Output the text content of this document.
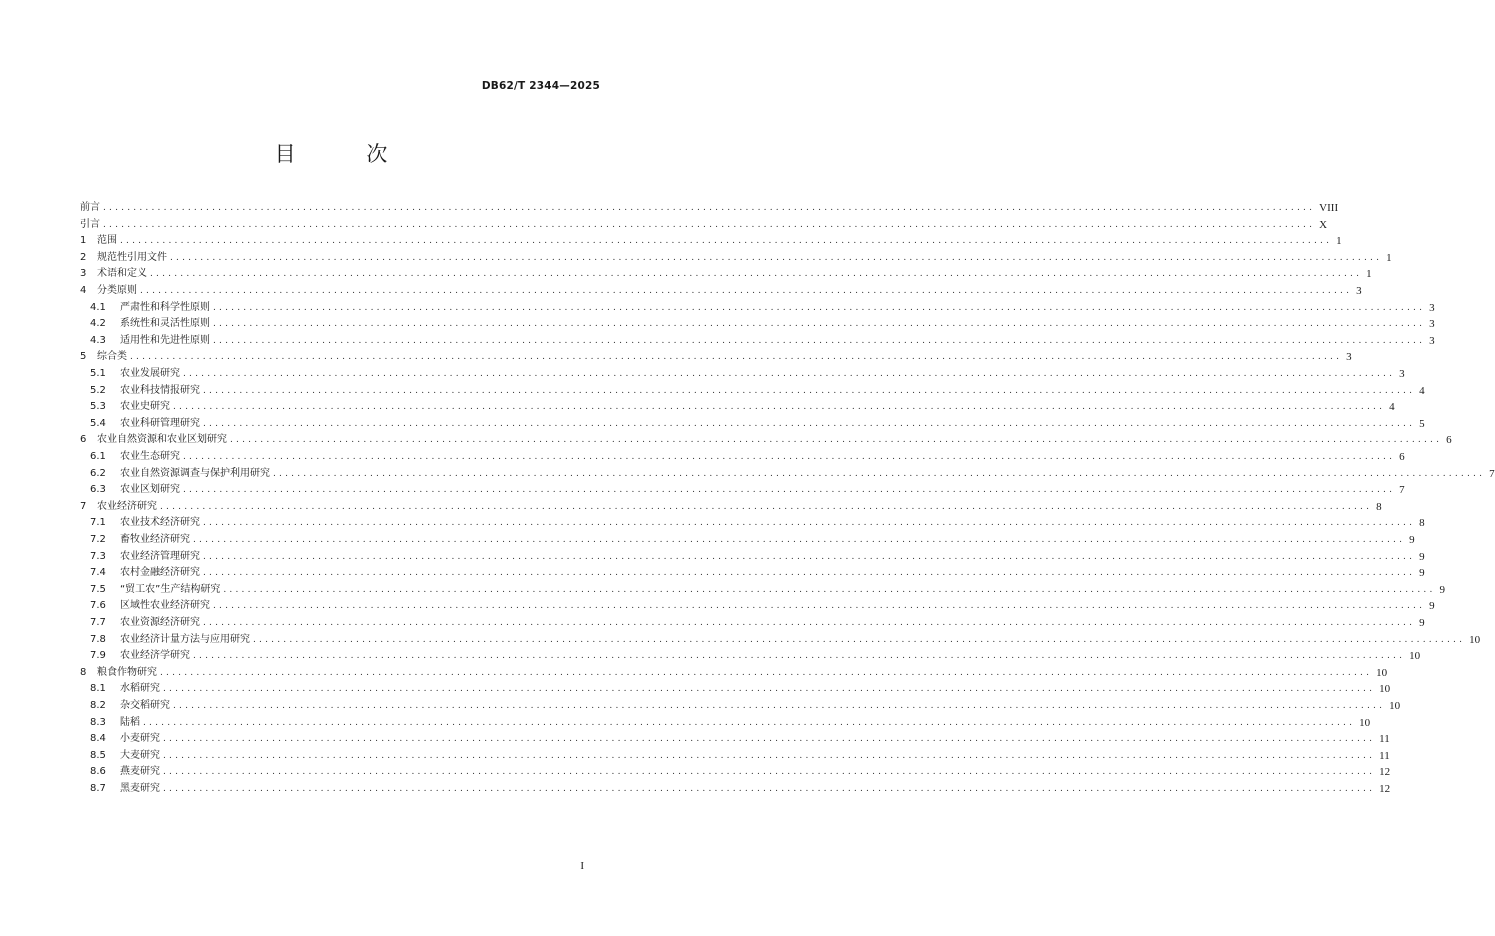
DB62/T 2344—2025
目 次
前言 ........................................................................................................................................................................................................ VIII
引言 ........................................................................................................................................................................................................ X
1	范围 ........................................................................................................................................................................................................ 1
2	规范性引用文件 ........................................................................................................................................................................................................ 1
3	术语和定义 ........................................................................................................................................................................................................ 1
4	分类原则 ........................................................................................................................................................................................................ 3
4.1	严肃性和科学性原则 ........................................................................................................................................................................................................ 3
4.2	系统性和灵活性原则 ........................................................................................................................................................................................................ 3
4.3	适用性和先进性原则 ........................................................................................................................................................................................................ 3
5	综合类 ........................................................................................................................................................................................................ 3
5.1	农业发展研究 ........................................................................................................................................................................................................ 3
5.2	农业科技情报研究 ........................................................................................................................................................................................................ 4
5.3	农业史研究 ........................................................................................................................................................................................................ 4
5.4	农业科研管理研究 ........................................................................................................................................................................................................ 5
6	农业自然资源和农业区划研究 ........................................................................................................................................................................................................ 6
6.1	农业生态研究 ........................................................................................................................................................................................................ 6
6.2	农业自然资源调查与保护利用研究 ........................................................................................................................................................................................................ 7
6.3	农业区划研究 ........................................................................................................................................................................................................ 7
7	农业经济研究 ........................................................................................................................................................................................................ 8
7.1	农业技术经济研究 ........................................................................................................................................................................................................ 8
7.2	畜牧业经济研究 ........................................................................................................................................................................................................ 9
7.3	农业经济管理研究 ........................................................................................................................................................................................................ 9
7.4	农村金融经济研究 ........................................................................................................................................................................................................ 9
7.5	“贸工农”生产结构研究 ........................................................................................................................................................................................................ 9
7.6	区域性农业经济研究 ........................................................................................................................................................................................................ 9
7.7	农业资源经济研究 ........................................................................................................................................................................................................ 9
7.8	农业经济计量方法与应用研究 ........................................................................................................................................................................................................ 10
7.9	农业经济学研究 ........................................................................................................................................................................................................ 10
8	粮食作物研究 ........................................................................................................................................................................................................ 10
8.1	水稻研究 ........................................................................................................................................................................................................ 10
8.2	杂交稻研究 ........................................................................................................................................................................................................ 10
8.3	陆稻 ........................................................................................................................................................................................................ 10
8.4	小麦研究 ........................................................................................................................................................................................................ 11
8.5	大麦研究 ........................................................................................................................................................................................................ 11
8.6	燕麦研究 ........................................................................................................................................................................................................ 12
8.7	黑麦研究 ........................................................................................................................................................................................................ 12
I
